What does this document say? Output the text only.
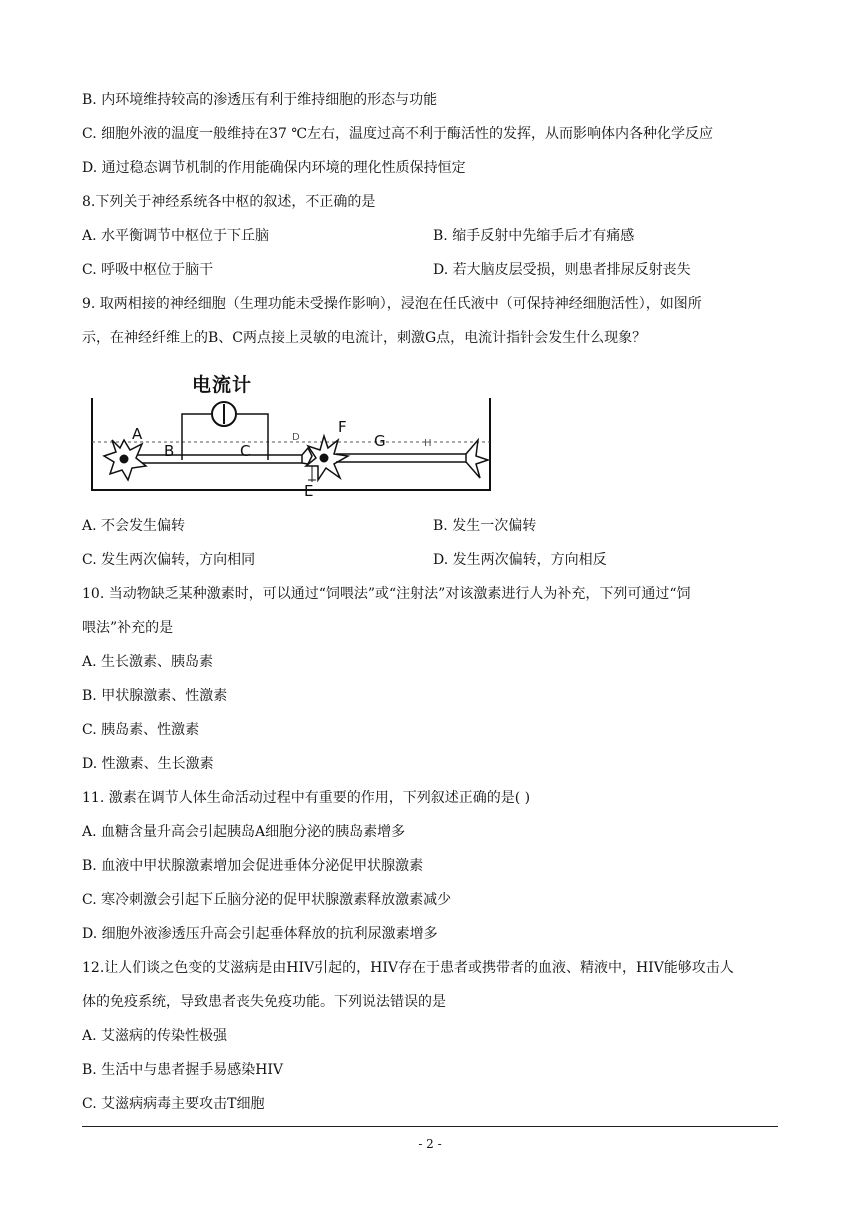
B. 内环境维持较高的渗透压有利于维持细胞的形态与功能
C. 细胞外液的温度一般维持在37 ℃左右，温度过高不利于酶活性的发挥，从而影响体内各种化学反应
D. 通过稳态调节机制的作用能确保内环境的理化性质保持恒定
8.下列关于神经系统各中枢的叙述，不正确的是
A. 水平衡调节中枢位于下丘脑	B. 缩手反射中先缩手后才有痛感
C. 呼吸中枢位于脑干	D. 若大脑皮层受损，则患者排尿反射丧失
9. 取两相接的神经细胞（生理功能未受操作影响），浸泡在任氏液中（可保持神经细胞活性），如图所
示，在神经纤维上的B、C两点接上灵敏的电流计，刺激G点，电流计指针会发生什么现象？
电流计
A
B	C
D
E
F
G	H
A. 不会发生偏转	B. 发生一次偏转
C. 发生两次偏转，方向相同	D. 发生两次偏转，方向相反
10. 当动物缺乏某种激素时，可以通过“饲喂法”或“注射法”对该激素进行人为补充，下列可通过“饲
喂法”补充的是
A. 生长激素、胰岛素
B. 甲状腺激素、性激素
C. 胰岛素、性激素
D. 性激素、生长激素
11. 激素在调节人体生命活动过程中有重要的作用，下列叙述正确的是( )
A. 血糖含量升高会引起胰岛A细胞分泌的胰岛素增多
B. 血液中甲状腺激素增加会促进垂体分泌促甲状腺激素
C. 寒冷刺激会引起下丘脑分泌的促甲状腺激素释放激素减少
D. 细胞外液渗透压升高会引起垂体释放的抗利尿激素增多
12.让人们谈之色变的艾滋病是由HIV引起的，HIV存在于患者或携带者的血液、精液中，HIV能够攻击人
体的免疫系统，导致患者丧失免疫功能。下列说法错误的是
A. 艾滋病的传染性极强
B. 生活中与患者握手易感染HIV
C. 艾滋病病毒主要攻击T细胞
- 2 -
